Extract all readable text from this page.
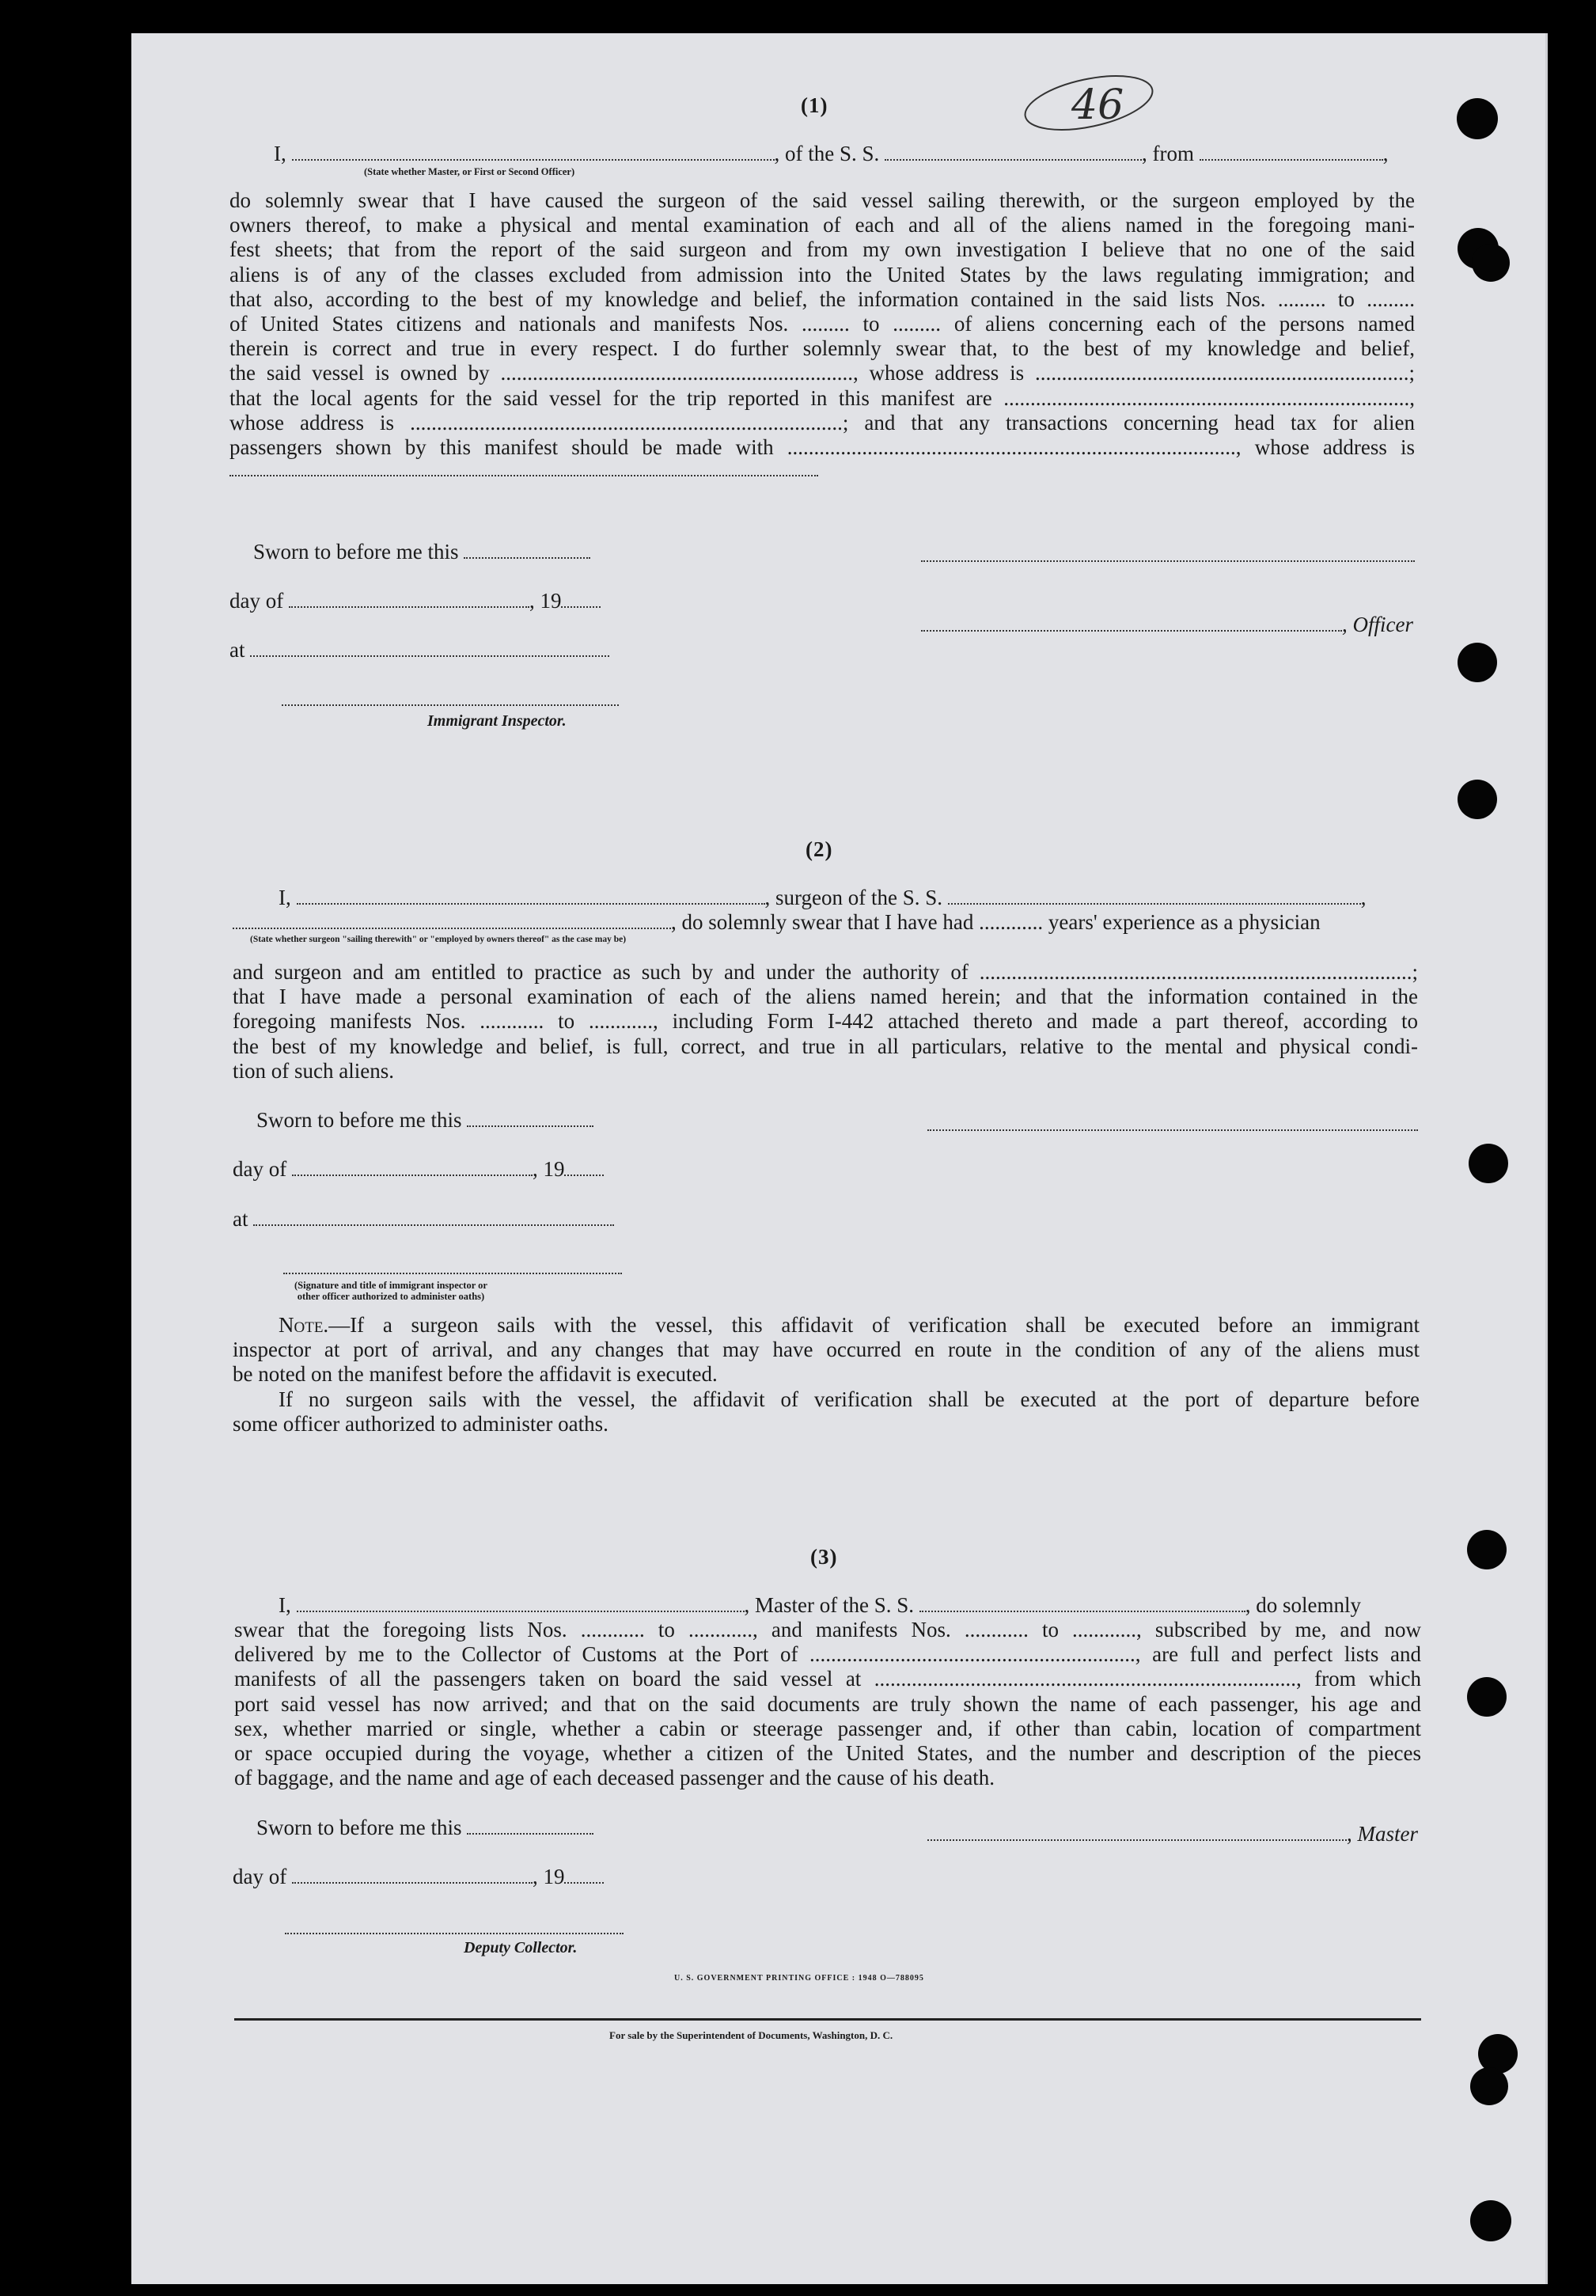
46
(1)
I,	, of the S. S.	, from	,
(State whether Master, or First or Second Officer)
do solemnly swear that I have caused the surgeon of the said vessel sailing therewith, or the surgeon employed by the
owners thereof, to make a physical and mental examination of each and all of the aliens named in the foregoing mani-
fest sheets; that from the report of the said surgeon and from my own investigation I believe that no one of the said
aliens is of any of the classes excluded from admission into the United States by the laws regulating immigration; and
that also, according to the best of my knowledge and belief, the information contained in the said lists Nos. ......... to .........
of United States citizens and nationals and manifests Nos. ......... to ......... of aliens concerning each of the persons named
therein is correct and true in every respect. I do further solemnly swear that, to the best of my knowledge and belief,
the said vessel is owned by .................................................................., whose address is ......................................................................;
that the local agents for the said vessel for the trip reported in this manifest are ............................................................................,
whose address is .................................................................................; and that any transactions concerning head tax for alien
passengers shown by this manifest should be made with ...................................................................................., whose address is
Sworn to before me this
day of	, 19
, Officer
at
Immigrant Inspector.
(2)
I,	, surgeon of the S. S.	,
, do solemnly swear that I have had ............ years' experience as a physician
(State whether surgeon "sailing therewith" or "employed by owners thereof" as the case may be)
and surgeon and am entitled to practice as such by and under the authority of .................................................................................;
that I have made a personal examination of each of the aliens named herein; and that the information contained in the
foregoing manifests Nos. ............ to ............, including Form I-442 attached thereto and made a part thereof, according to
the best of my knowledge and belief, is full, correct, and true in all particulars, relative to the mental and physical condi-
tion of such aliens.
Sworn to before me this
day of	, 19
at
(Signature and title of immigrant inspector or
other officer authorized to administer oaths)
Note.—If a surgeon sails with the vessel, this affidavit of verification shall be executed before an immigrant
inspector at port of arrival, and any changes that may have occurred en route in the condition of any of the aliens must
be noted on the manifest before the affidavit is executed.
If no surgeon sails with the vessel, the affidavit of verification shall be executed at the port of departure before
some officer authorized to administer oaths.
(3)
I,	, Master of the S. S.	, do solemnly
swear that the foregoing lists Nos. ............ to ............, and manifests Nos. ............ to ............, subscribed by me, and now
delivered by me to the Collector of Customs at the Port of ............................................................., are full and perfect lists and
manifests of all the passengers taken on board the said vessel at ..............................................................................., from which
port said vessel has now arrived; and that on the said documents are truly shown the name of each passenger, his age and
sex, whether married or single, whether a cabin or steerage passenger and, if other than cabin, location of compartment
or space occupied during the voyage, whether a citizen of the United States, and the number and description of the pieces
of baggage, and the name and age of each deceased passenger and the cause of his death.
Sworn to before me this	, Master
day of	, 19
Deputy Collector.
U. S. GOVERNMENT PRINTING OFFICE : 1948 O—788095
For sale by the Superintendent of Documents, Washington, D. C.
